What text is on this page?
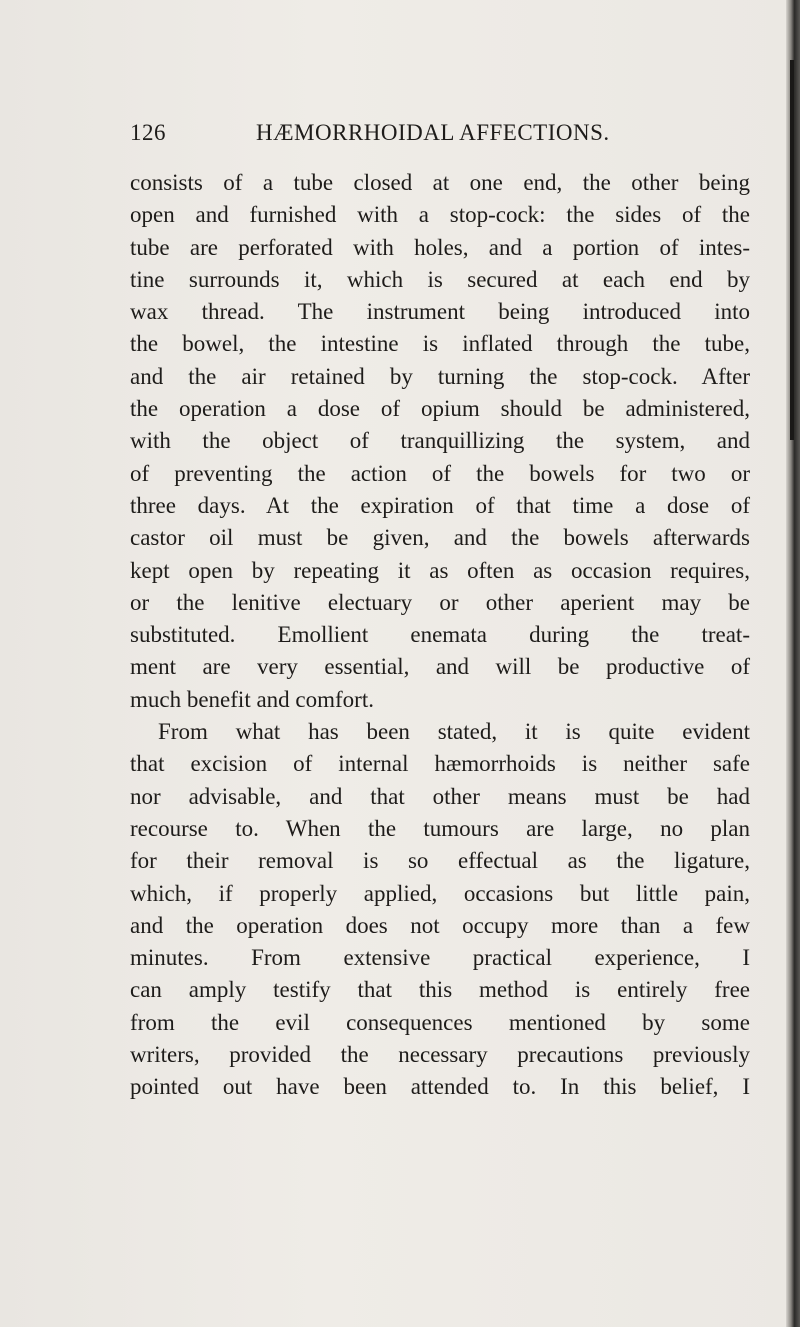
126	HÆMORRHOIDAL AFFECTIONS.
consists of a tube closed at one end, the other being
open and furnished with a stop-cock: the sides of the
tube are perforated with holes, and a portion of intes-
tine surrounds it, which is secured at each end by
wax thread. The instrument being introduced into
the bowel, the intestine is inflated through the tube,
and the air retained by turning the stop-cock. After
the operation a dose of opium should be administered,
with the object of tranquillizing the system, and
of preventing the action of the bowels for two or
three days. At the expiration of that time a dose of
castor oil must be given, and the bowels afterwards
kept open by repeating it as often as occasion requires,
or the lenitive electuary or other aperient may be
substituted. Emollient enemata during the treat-
ment are very essential, and will be productive of
much benefit and comfort.
From what has been stated, it is quite evident
that excision of internal hæmorrhoids is neither safe
nor advisable, and that other means must be had
recourse to. When the tumours are large, no plan
for their removal is so effectual as the ligature,
which, if properly applied, occasions but little pain,
and the operation does not occupy more than a few
minutes. From extensive practical experience, I
can amply testify that this method is entirely free
from the evil consequences mentioned by some
writers, provided the necessary precautions previously
pointed out have been attended to. In this belief, I
